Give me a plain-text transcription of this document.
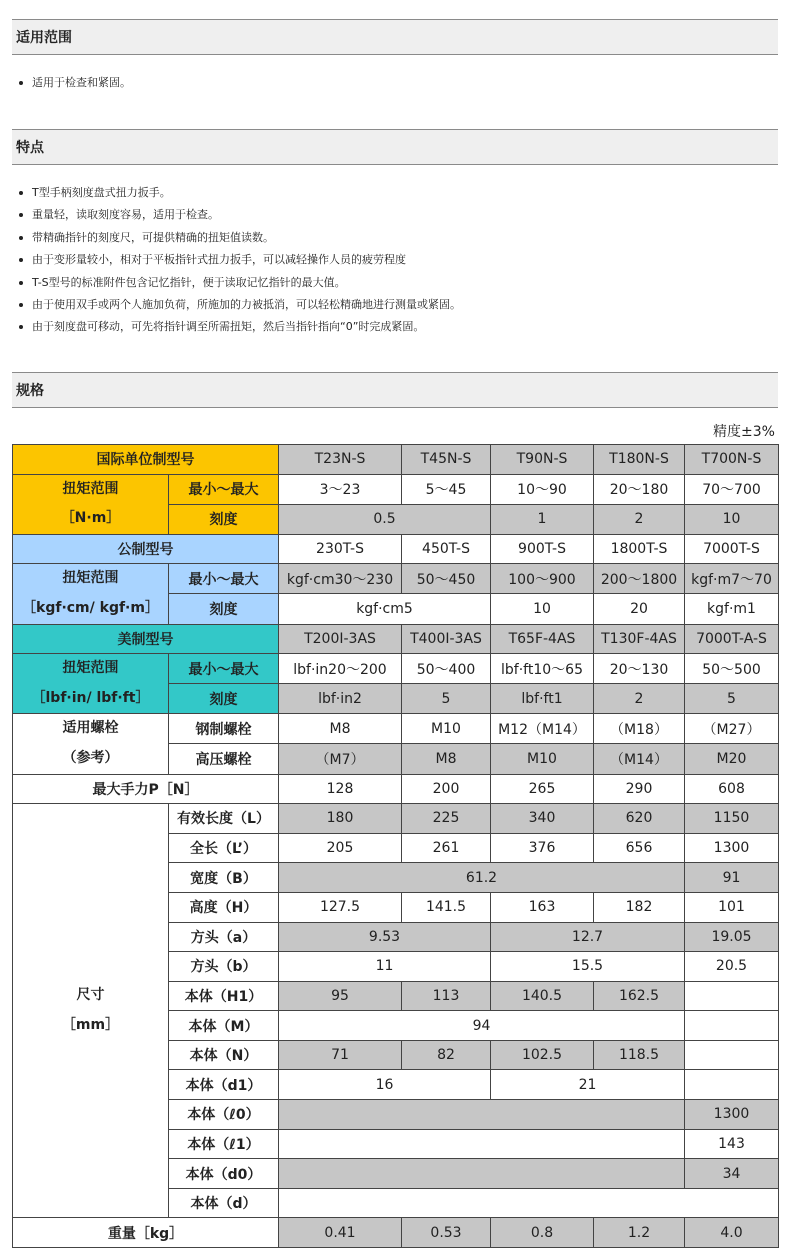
适用范围
适用于检查和紧固。
特点
T型手柄刻度盘式扭力扳手。
重量轻，读取刻度容易，适用于检查。
带精确指针的刻度尺，可提供精确的扭矩值读数。
由于变形量较小，相对于平板指针式扭力扳手，可以减轻操作人员的疲劳程度
T-S型号的标准附件包含记忆指针，便于读取记忆指针的最大值。
由于使用双手或两个人施加负荷，所施加的力被抵消，可以轻松精确地进行测量或紧固。
由于刻度盘可移动，可先将指针调至所需扭矩，然后当指针指向“0”时完成紧固。
规格
精度±3%
国际单位制型号		T23N-S	T45N-S	T90N-S	T180N-S	T700N-S

扭矩范围
［N·m］	最小～最大	3～23	5～45	10～90	20～180	70～700
	刻度	0.5		1	2	10
公制型号		230T-S	450T-S	900T-S	1800T-S	7000T-S

扭矩范围
［kgf·cm/ kgf·m］	最小～最大	kgf·cm30～230	50～450	100～900	200～1800	kgf·m7～70
	刻度	kgf·cm5		10	20	kgf·m1
美制型号		T200I-3AS	T400I-3AS	T65F-4AS	T130F-4AS	7000T-A-S

扭矩范围
［lbf·in/ lbf·ft］	最小～最大	lbf·in20～200	50～400	lbf·ft10～65	20～130	50～500
	刻度	lbf·in2	5	lbf·ft1	2	5

适用螺栓
（参考）	钢制螺栓	M8	M10	M12（M14）	（M18）	（M27）
	高压螺栓	（M7）	M8	M10	（M14）	M20
最大手力P［N］		128	200	265	290	608

尺寸
［mm］	有效长度（L）	180	225	340	620	1150
	全长（L’）	205	261	376	656	1300
	宽度（B）	61.2				91
	高度（H）	127.5	141.5	163	182	101
	方头（a）	9.53		12.7		19.05
	方头（b）	11		15.5		20.5
	本体（H1）	95	113	140.5	162.5	
	本体（M）	94				
	本体（N）	71	82	102.5	118.5	
	本体（d1）	16		21		
	本体（ℓ0）					1300
	本体（ℓ1）					143
	本体（d0）					34
	本体（d）					
重量［kg］		0.41	0.53	0.8	1.2	4.0
